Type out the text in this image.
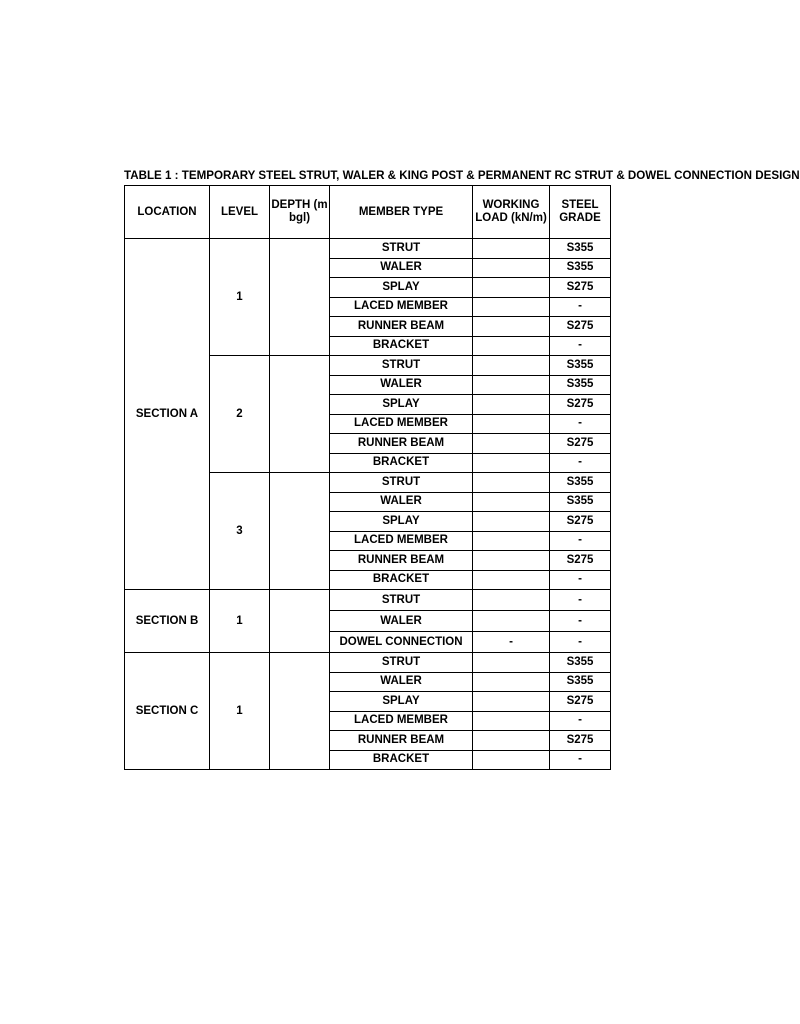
TABLE 1 : TEMPORARY STEEL STRUT, WALER & KING POST & PERMANENT RC STRUT & DOWEL CONNECTION DESIGN
LOCATION	LEVEL	DEPTH (m bgl)	MEMBER TYPE	WORKING LOAD (kN/m)	STEEL GRADE
SECTION A	1		STRUT		S355
			WALER		S355
			SPLAY		S275
			LACED MEMBER		-
			RUNNER BEAM		S275
			BRACKET		-
	2		STRUT		S355
			WALER		S355
			SPLAY		S275
			LACED MEMBER		-
			RUNNER BEAM		S275
			BRACKET		-
	3		STRUT		S355
			WALER		S355
			SPLAY		S275
			LACED MEMBER		-
			RUNNER BEAM		S275
			BRACKET		-
SECTION B	1		STRUT		-
			WALER		-
			DOWEL CONNECTION	-	-
SECTION C	1		STRUT		S355
			WALER		S355
			SPLAY		S275
			LACED MEMBER		-
			RUNNER BEAM		S275
			BRACKET		-
